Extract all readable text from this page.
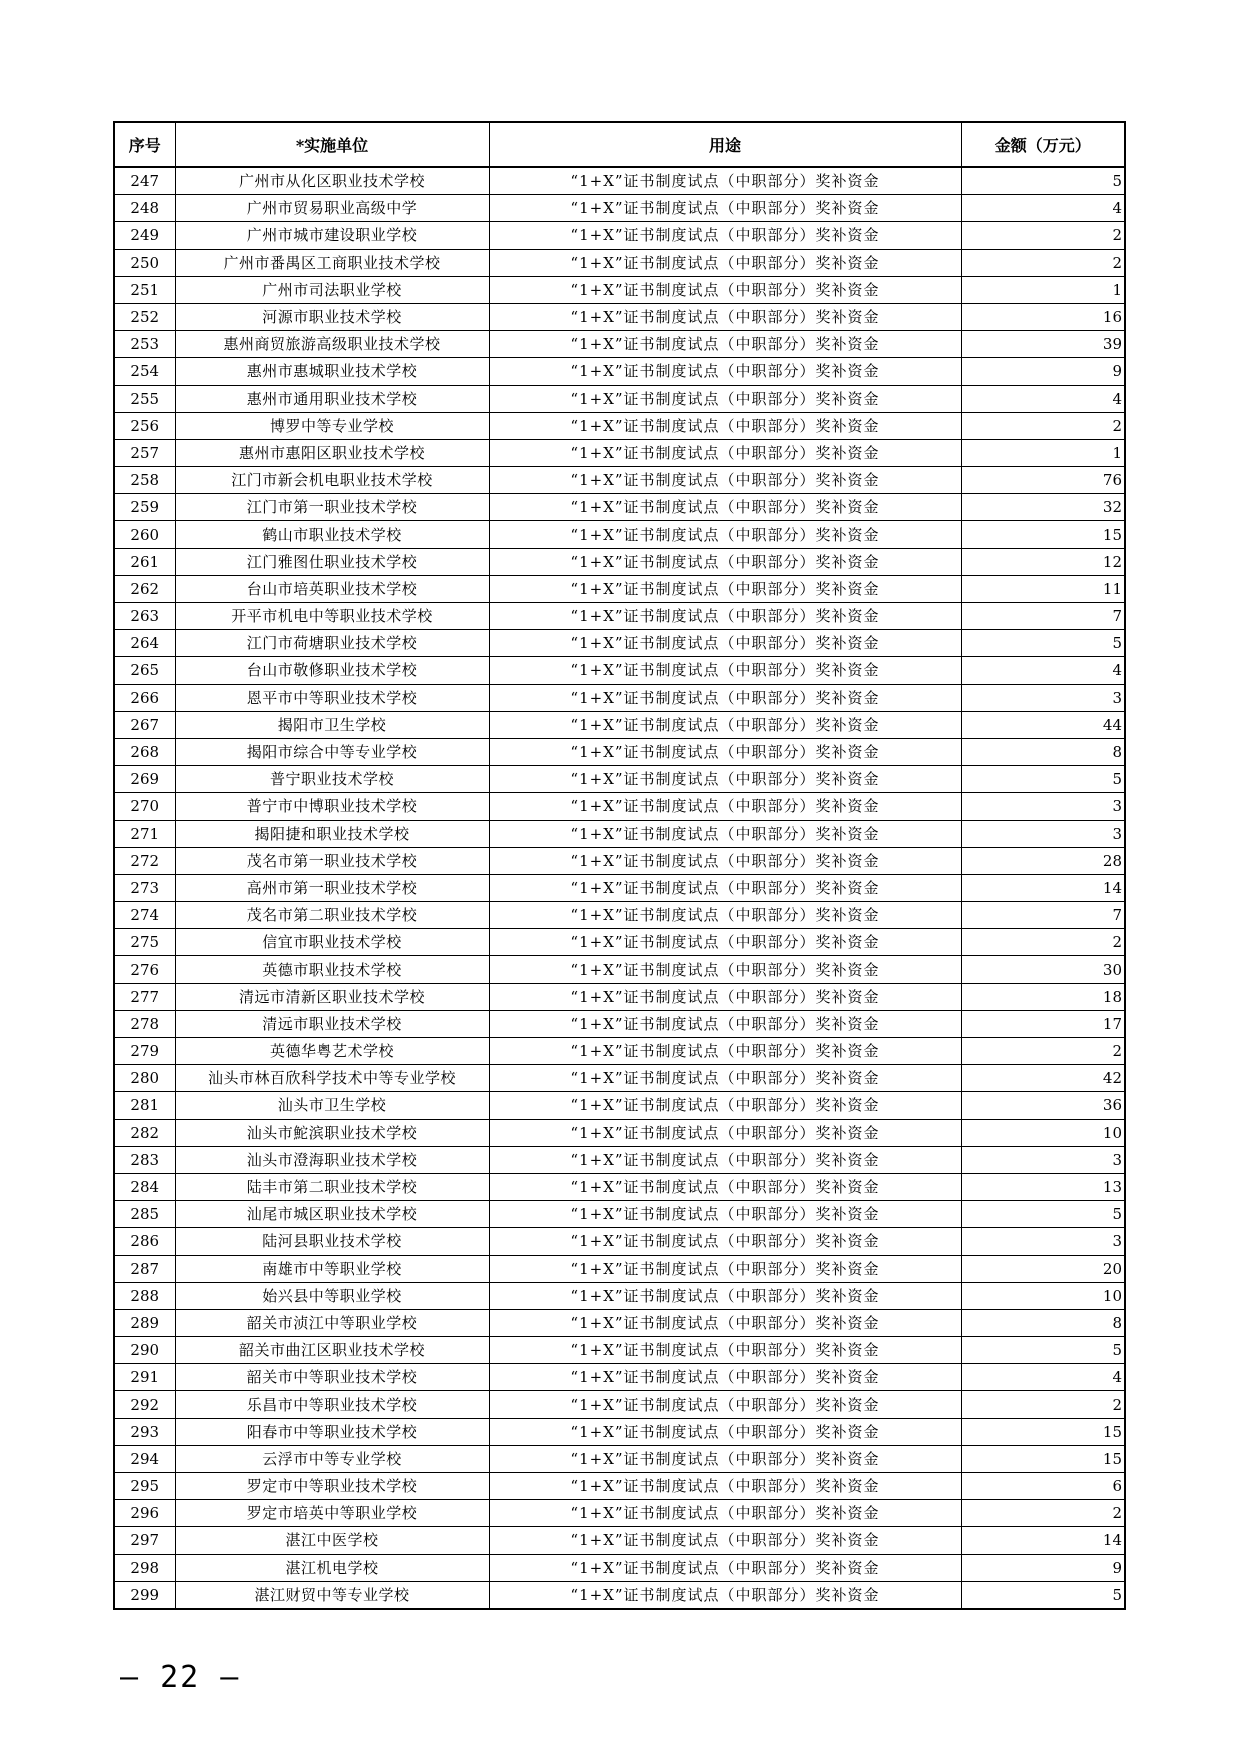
序号	*实施单位	用途	金额（万元）
247	广州市从化区职业技术学校	“1+X”证书制度试点（中职部分）奖补资金	5
248	广州市贸易职业高级中学	“1+X”证书制度试点（中职部分）奖补资金	4
249	广州市城市建设职业学校	“1+X”证书制度试点（中职部分）奖补资金	2
250	广州市番禺区工商职业技术学校	“1+X”证书制度试点（中职部分）奖补资金	2
251	广州市司法职业学校	“1+X”证书制度试点（中职部分）奖补资金	1
252	河源市职业技术学校	“1+X”证书制度试点（中职部分）奖补资金	16
253	惠州商贸旅游高级职业技术学校	“1+X”证书制度试点（中职部分）奖补资金	39
254	惠州市惠城职业技术学校	“1+X”证书制度试点（中职部分）奖补资金	9
255	惠州市通用职业技术学校	“1+X”证书制度试点（中职部分）奖补资金	4
256	博罗中等专业学校	“1+X”证书制度试点（中职部分）奖补资金	2
257	惠州市惠阳区职业技术学校	“1+X”证书制度试点（中职部分）奖补资金	1
258	江门市新会机电职业技术学校	“1+X”证书制度试点（中职部分）奖补资金	76
259	江门市第一职业技术学校	“1+X”证书制度试点（中职部分）奖补资金	32
260	鹤山市职业技术学校	“1+X”证书制度试点（中职部分）奖补资金	15
261	江门雅图仕职业技术学校	“1+X”证书制度试点（中职部分）奖补资金	12
262	台山市培英职业技术学校	“1+X”证书制度试点（中职部分）奖补资金	11
263	开平市机电中等职业技术学校	“1+X”证书制度试点（中职部分）奖补资金	7
264	江门市荷塘职业技术学校	“1+X”证书制度试点（中职部分）奖补资金	5
265	台山市敬修职业技术学校	“1+X”证书制度试点（中职部分）奖补资金	4
266	恩平市中等职业技术学校	“1+X”证书制度试点（中职部分）奖补资金	3
267	揭阳市卫生学校	“1+X”证书制度试点（中职部分）奖补资金	44
268	揭阳市综合中等专业学校	“1+X”证书制度试点（中职部分）奖补资金	8
269	普宁职业技术学校	“1+X”证书制度试点（中职部分）奖补资金	5
270	普宁市中博职业技术学校	“1+X”证书制度试点（中职部分）奖补资金	3
271	揭阳捷和职业技术学校	“1+X”证书制度试点（中职部分）奖补资金	3
272	茂名市第一职业技术学校	“1+X”证书制度试点（中职部分）奖补资金	28
273	高州市第一职业技术学校	“1+X”证书制度试点（中职部分）奖补资金	14
274	茂名市第二职业技术学校	“1+X”证书制度试点（中职部分）奖补资金	7
275	信宜市职业技术学校	“1+X”证书制度试点（中职部分）奖补资金	2
276	英德市职业技术学校	“1+X”证书制度试点（中职部分）奖补资金	30
277	清远市清新区职业技术学校	“1+X”证书制度试点（中职部分）奖补资金	18
278	清远市职业技术学校	“1+X”证书制度试点（中职部分）奖补资金	17
279	英德华粤艺术学校	“1+X”证书制度试点（中职部分）奖补资金	2
280	汕头市林百欣科学技术中等专业学校	“1+X”证书制度试点（中职部分）奖补资金	42
281	汕头市卫生学校	“1+X”证书制度试点（中职部分）奖补资金	36
282	汕头市鮀滨职业技术学校	“1+X”证书制度试点（中职部分）奖补资金	10
283	汕头市澄海职业技术学校	“1+X”证书制度试点（中职部分）奖补资金	3
284	陆丰市第二职业技术学校	“1+X”证书制度试点（中职部分）奖补资金	13
285	汕尾市城区职业技术学校	“1+X”证书制度试点（中职部分）奖补资金	5
286	陆河县职业技术学校	“1+X”证书制度试点（中职部分）奖补资金	3
287	南雄市中等职业学校	“1+X”证书制度试点（中职部分）奖补资金	20
288	始兴县中等职业学校	“1+X”证书制度试点（中职部分）奖补资金	10
289	韶关市浈江中等职业学校	“1+X”证书制度试点（中职部分）奖补资金	8
290	韶关市曲江区职业技术学校	“1+X”证书制度试点（中职部分）奖补资金	5
291	韶关市中等职业技术学校	“1+X”证书制度试点（中职部分）奖补资金	4
292	乐昌市中等职业技术学校	“1+X”证书制度试点（中职部分）奖补资金	2
293	阳春市中等职业技术学校	“1+X”证书制度试点（中职部分）奖补资金	15
294	云浮市中等专业学校	“1+X”证书制度试点（中职部分）奖补资金	15
295	罗定市中等职业技术学校	“1+X”证书制度试点（中职部分）奖补资金	6
296	罗定市培英中等职业学校	“1+X”证书制度试点（中职部分）奖补资金	2
297	湛江中医学校	“1+X”证书制度试点（中职部分）奖补资金	14
298	湛江机电学校	“1+X”证书制度试点（中职部分）奖补资金	9
299	湛江财贸中等专业学校	“1+X”证书制度试点（中职部分）奖补资金	5
— 22 —
